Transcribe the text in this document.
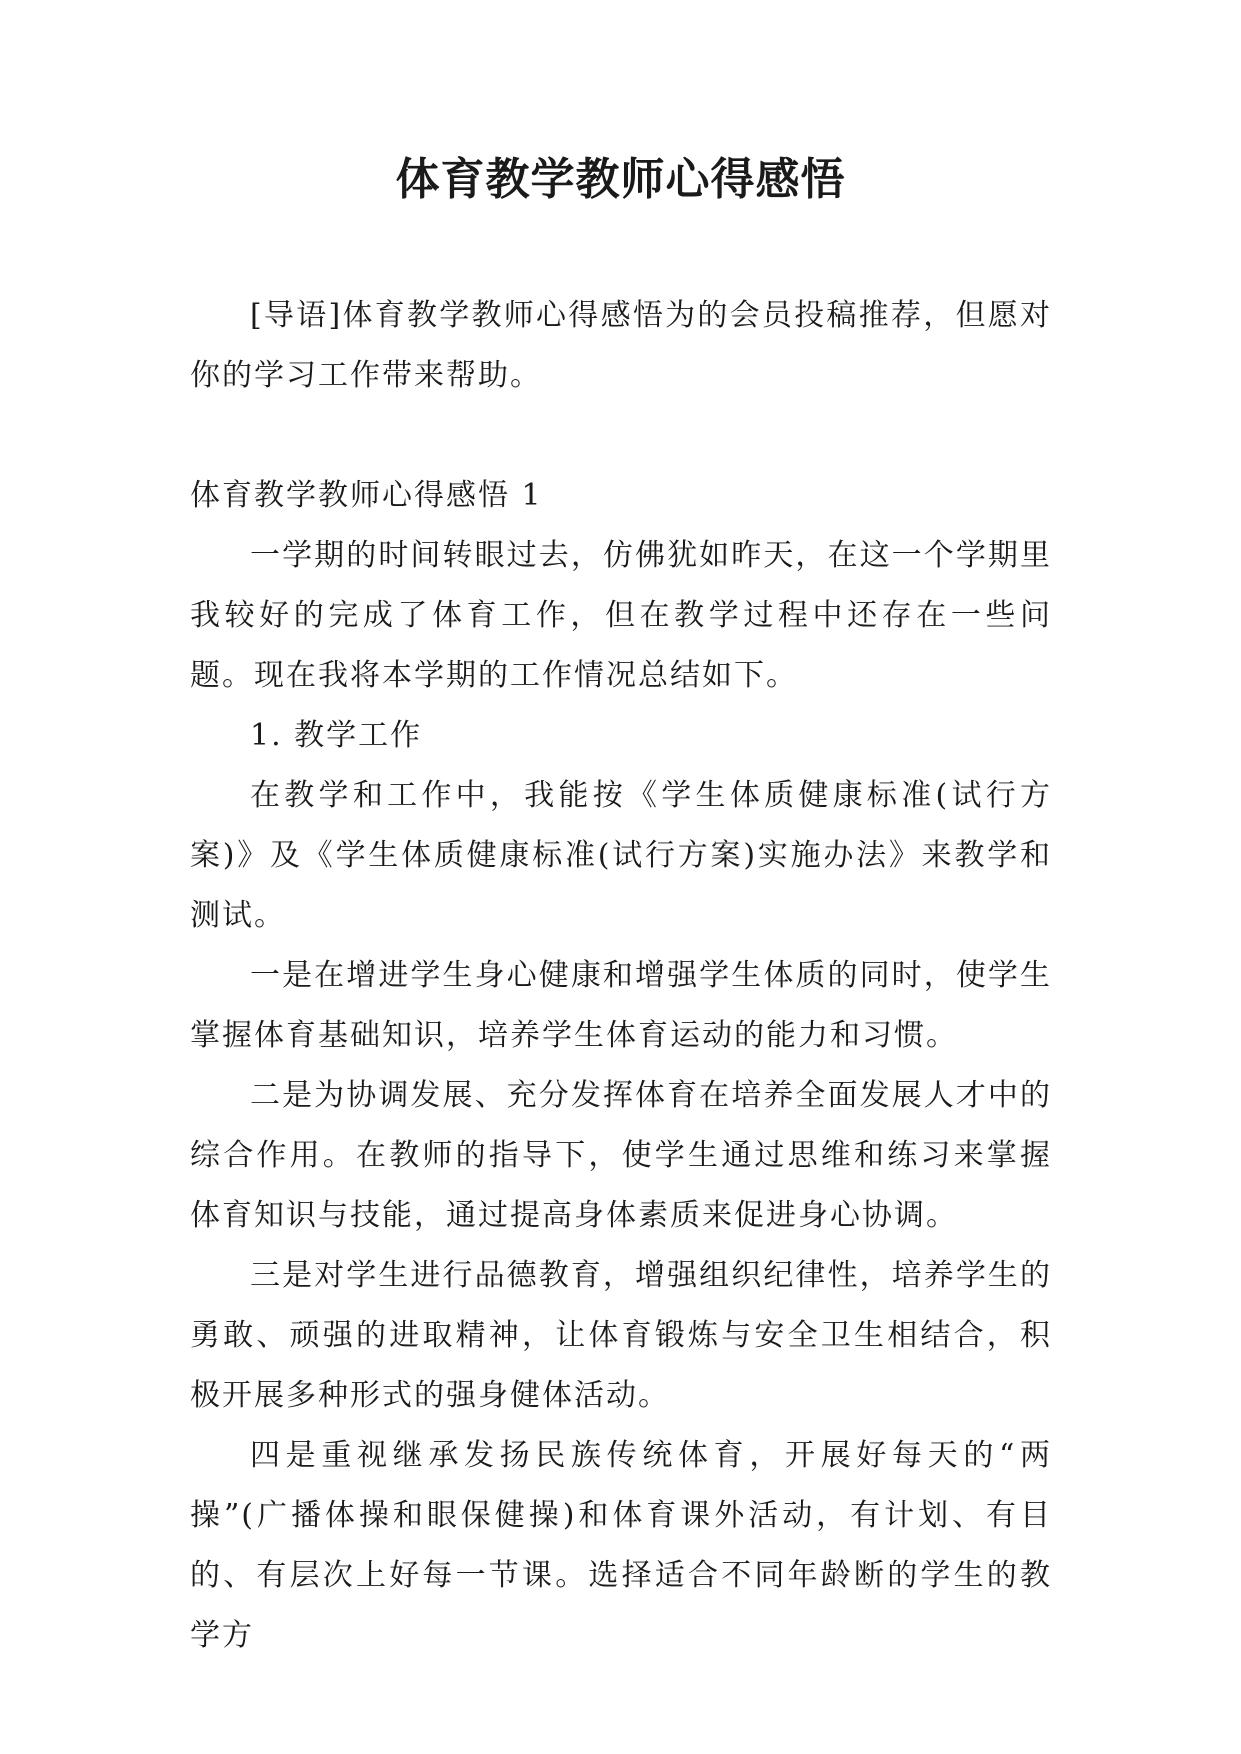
体育教学教师心得感悟

[导语]体育教学教师心得感悟为的会员投稿推荐，但愿对你的学习工作带来帮助。

体育教学教师心得感悟 1

一学期的时间转眼过去，仿佛犹如昨天，在这一个学期里我较好的完成了体育工作，但在教学过程中还存在一些问题。现在我将本学期的工作情况总结如下。

1. 教学工作

在教学和工作中，我能按《学生体质健康标准(试行方案)》及《学生体质健康标准(试行方案)实施办法》来教学和测试。

一是在增进学生身心健康和增强学生体质的同时，使学生掌握体育基础知识，培养学生体育运动的能力和习惯。

二是为协调发展、充分发挥体育在培养全面发展人才中的综合作用。在教师的指导下，使学生通过思维和练习来掌握体育知识与技能，通过提高身体素质来促进身心协调。

三是对学生进行品德教育，增强组织纪律性，培养学生的勇敢、顽强的进取精神，让体育锻炼与安全卫生相结合，积极开展多种形式的强身健体活动。

四是重视继承发扬民族传统体育，开展好每天的“两操”(广播体操和眼保健操)和体育课外活动，有计划、有目的、有层次上好每一节课。选择适合不同年龄断的学生的教学方
